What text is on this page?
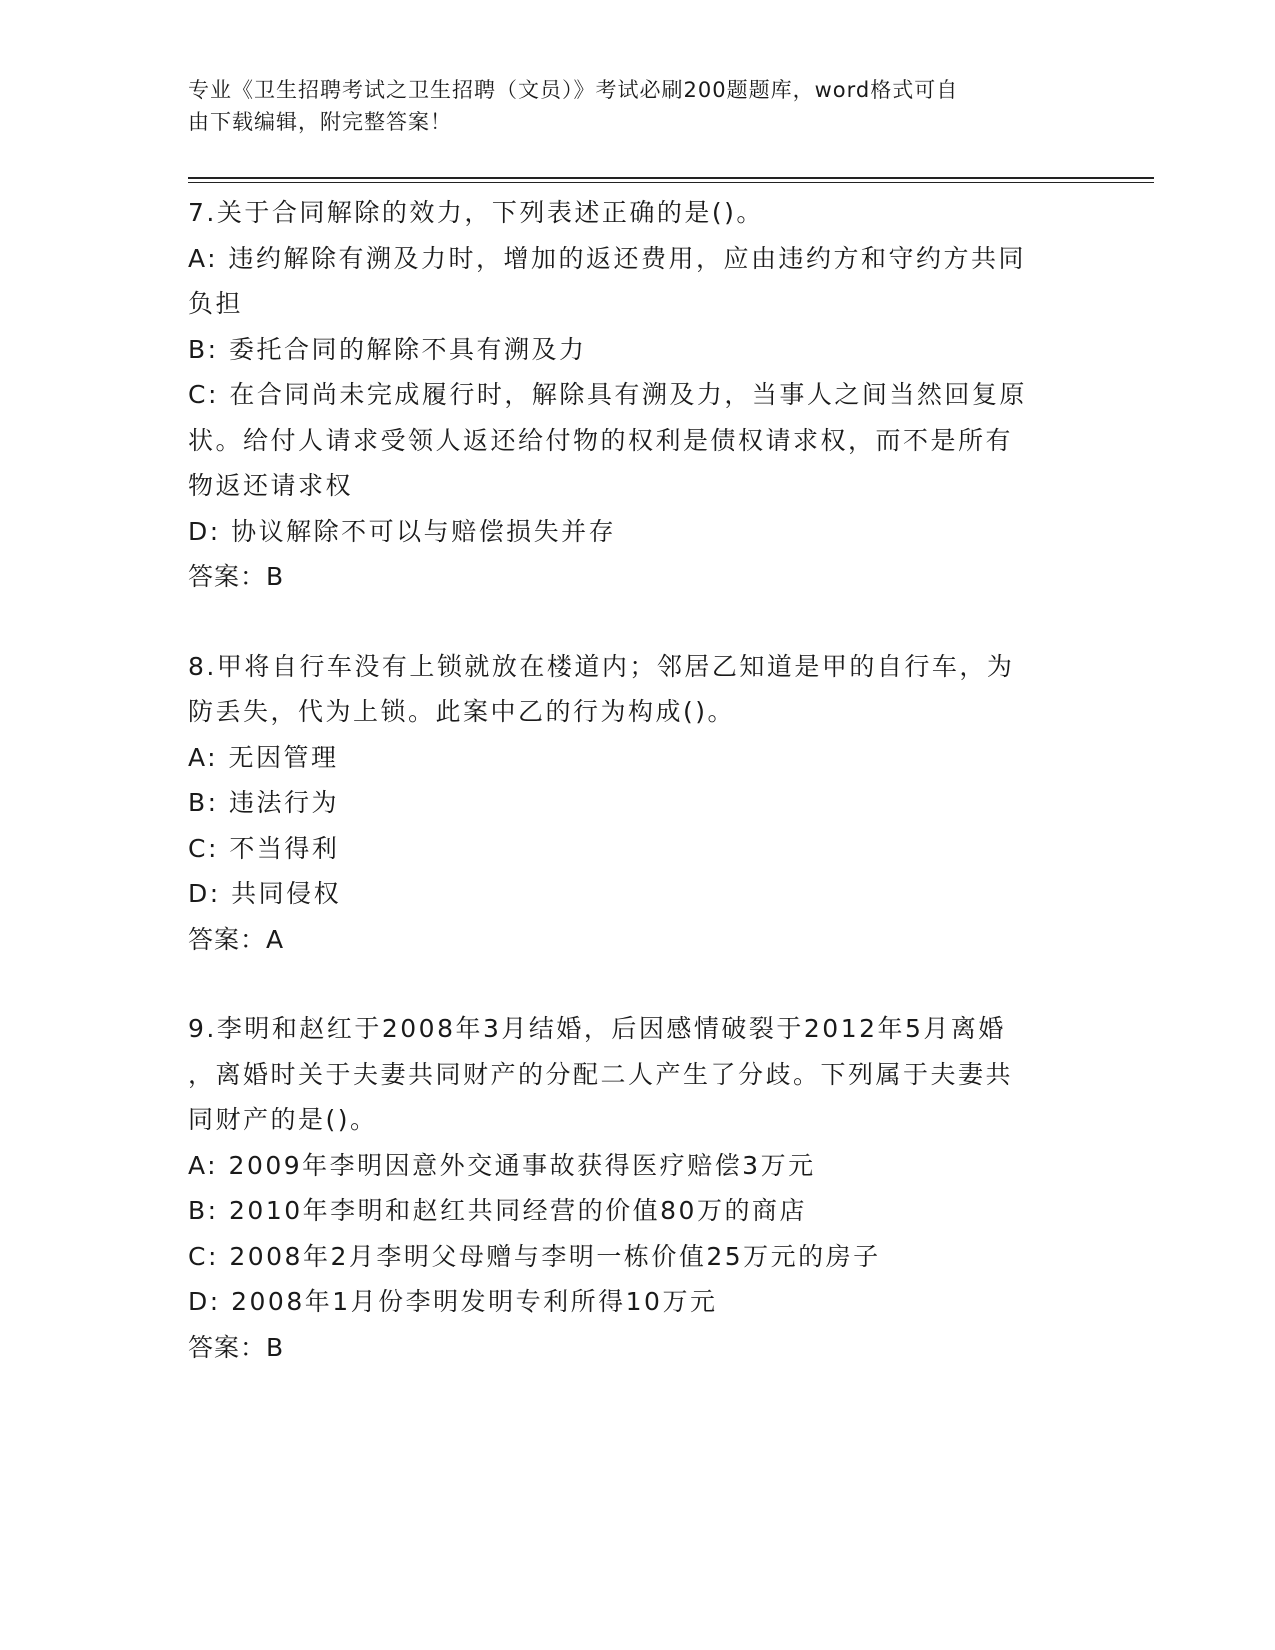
专业《卫生招聘考试之卫生招聘（文员）》考试必刷200题题库，word格式可自
由下载编辑，附完整答案！
7.关于合同解除的效力，下列表述正确的是()。
A: 违约解除有溯及力时，增加的返还费用，应由违约方和守约方共同
负担
B: 委托合同的解除不具有溯及力
C: 在合同尚未完成履行时，解除具有溯及力，当事人之间当然回复原
状。给付人请求受领人返还给付物的权利是债权请求权，而不是所有
物返还请求权
D: 协议解除不可以与赔偿损失并存
答案：B
8.甲将自行车没有上锁就放在楼道内；邻居乙知道是甲的自行车，为
防丢失，代为上锁。此案中乙的行为构成()。
A: 无因管理
B: 违法行为
C: 不当得利
D: 共同侵权
答案：A
9.李明和赵红于2008年3月结婚，后因感情破裂于2012年5月离婚
，离婚时关于夫妻共同财产的分配二人产生了分歧。下列属于夫妻共
同财产的是()。
A: 2009年李明因意外交通事故获得医疗赔偿3万元
B: 2010年李明和赵红共同经营的价值80万的商店
C: 2008年2月李明父母赠与李明一栋价值25万元的房子
D: 2008年1月份李明发明专利所得10万元
答案：B
